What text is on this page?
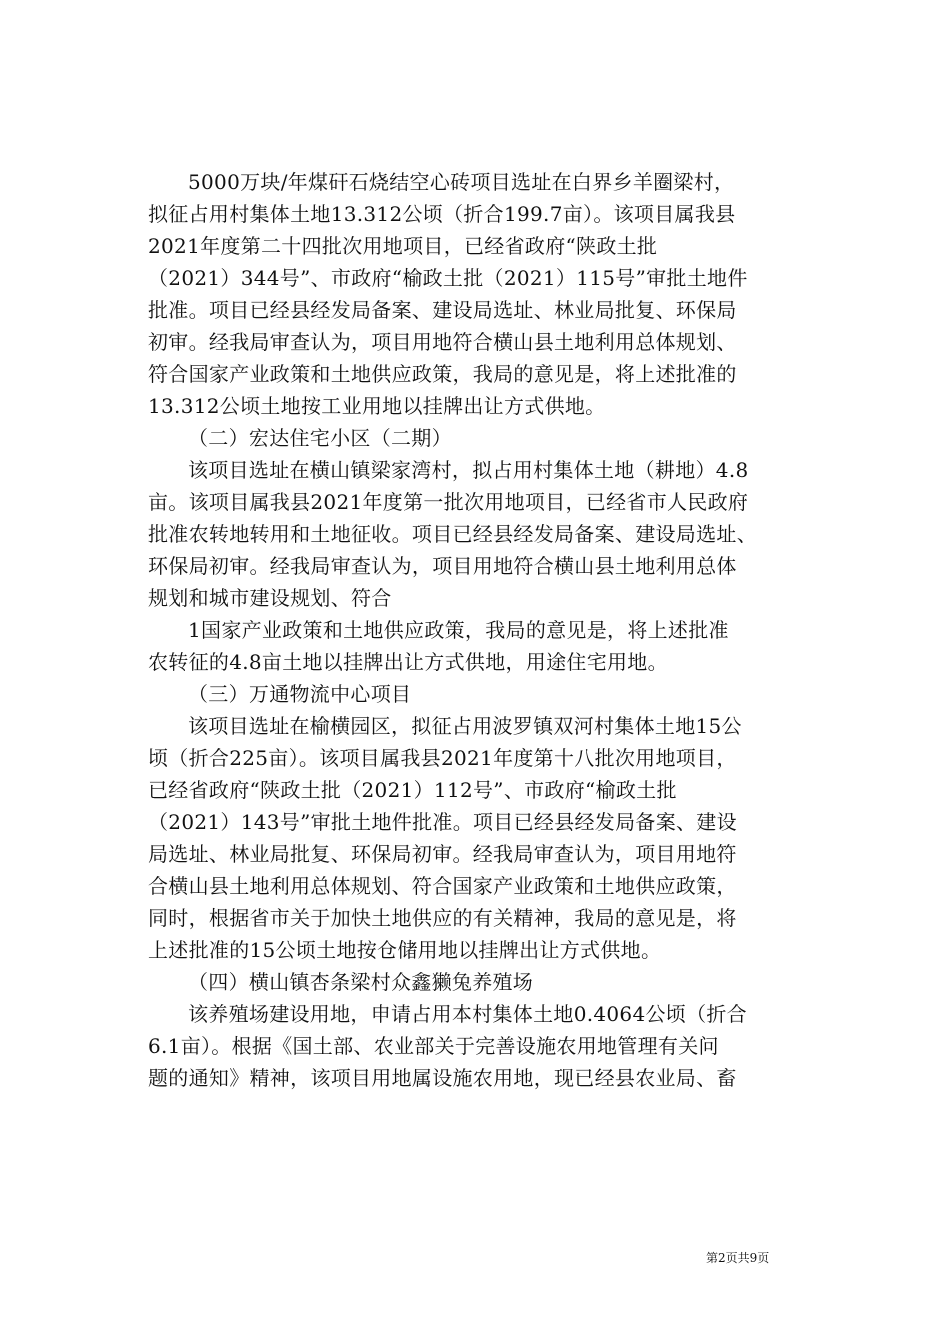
5000万块/年煤矸石烧结空心砖项目选址在白界乡羊圈梁村，
拟征占用村集体土地13.312公顷（折合199.7亩）。该项目属我县
2021年度第二十四批次用地项目，已经省政府“陕政土批
（2021）344号”、市政府“榆政土批（2021）115号”审批土地件
批准。项目已经县经发局备案、建设局选址、林业局批复、环保局
初审。经我局审查认为，项目用地符合横山县土地利用总体规划、
符合国家产业政策和土地供应政策，我局的意见是，将上述批准的
13.312公顷土地按工业用地以挂牌出让方式供地。
（二）宏达住宅小区（二期）
该项目选址在横山镇梁家湾村，拟占用村集体土地（耕地）4.8
亩。该项目属我县2021年度第一批次用地项目，已经省市人民政府
批准农转地转用和土地征收。项目已经县经发局备案、建设局选址、
环保局初审。经我局审查认为，项目用地符合横山县土地利用总体
规划和城市建设规划、符合
1国家产业政策和土地供应政策，我局的意见是，将上述批准
农转征的4.8亩土地以挂牌出让方式供地，用途住宅用地。
（三）万通物流中心项目
该项目选址在榆横园区，拟征占用波罗镇双河村集体土地15公
顷（折合225亩）。该项目属我县2021年度第十八批次用地项目，
已经省政府“陕政土批（2021）112号”、市政府“榆政土批
（2021）143号”审批土地件批准。项目已经县经发局备案、建设
局选址、林业局批复、环保局初审。经我局审查认为，项目用地符
合横山县土地利用总体规划、符合国家产业政策和土地供应政策，
同时，根据省市关于加快土地供应的有关精神，我局的意见是，将
上述批准的15公顷土地按仓储用地以挂牌出让方式供地。
（四）横山镇杏条梁村众鑫獭兔养殖场
该养殖场建设用地，申请占用本村集体土地0.4064公顷（折合
6.1亩）。根据《国土部、农业部关于完善设施农用地管理有关问
题的通知》精神，该项目用地属设施农用地，现已经县农业局、畜
第2页共9页
